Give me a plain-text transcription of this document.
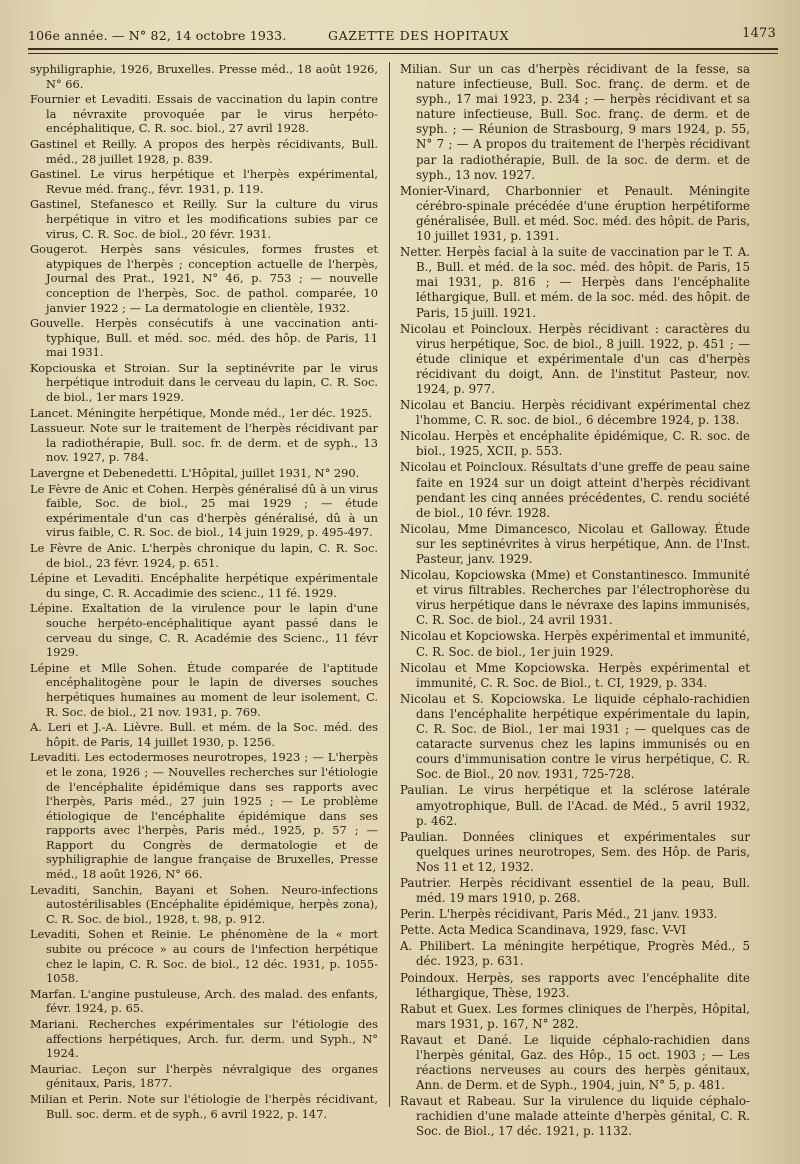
106e année. — N° 82, 14 octobre 1933.	GAZETTE DES HOPITAUX	1473

syphiligraphie, 1926, Bruxelles. Presse méd., 18 août 1926, N° 66.

Fournier et Levaditi. Essais de vaccination du lapin contre la névraxite provoquée par le virus herpéto-encéphalitique, C. R. soc. biol., 27 avril 1928.

Gastinel et Reilly. A propos des herpès récidivants, Bull. méd., 28 juillet 1928, p. 839.

Gastinel. Le virus herpétique et l'herpès expérimental, Revue méd. franç., févr. 1931, p. 119.

Gastinel, Stefanesco et Reilly. Sur la culture du virus herpétique in vitro et les modifications subies par ce virus, C. R. Soc. de biol., 20 févr. 1931.

Gougerot. Herpès sans vésicules, formes frustes et atypiques de l'herpès ; conception actuelle de l'herpès, Journal des Prat., 1921, N° 46, p. 753 ; — nouvelle conception de l'herpès, Soc. de pathol. comparée, 10 janvier 1922 ; — La dermatologie en clientèle, 1932.

Gouvelle. Herpès consécutifs à une vaccination anti-typhique, Bull. et méd. soc. méd. des hôp. de Paris, 11 mai 1931.

Kopciouska et Stroian. Sur la septinévrite par le virus herpétique introduit dans le cerveau du lapin, C. R. Soc. de biol., 1er mars 1929.

Lancet. Méningite herpétique, Monde méd., 1er déc. 1925.

Lassueur. Note sur le traitement de l'herpès récidivant par la radiothérapie, Bull. soc. fr. de derm. et de syph., 13 nov. 1927, p. 784.

Lavergne et Debenedetti. L'Hôpital, juillet 1931, N° 290.

Le Fèvre de Anic et Cohen. Herpès généralisé dû à un virus faible, Soc. de biol., 25 mai 1929 ; — étude expérimentale d'un cas d'herpès généralisé, dû à un virus faible, C. R. Soc. de biol., 14 juin 1929, p. 495-497.

Le Fèvre de Anic. L'herpès chronique du lapin, C. R. Soc. de biol., 23 févr. 1924, p. 651.

Lépine et Levaditi. Encéphalite herpétique expérimentale du singe, C. R. Accadimie des scienc., 11 fé. 1929.

Lépine. Exaltation de la virulence pour le lapin d'une souche herpéto-encéphalitique ayant passé dans le cerveau du singe, C. R. Académie des Scienc., 11 févr 1929.

Lépine et Mlle Sohen. Étude comparée de l'aptitude encéphalitogène pour le lapin de diverses souches herpétiques humaines au moment de leur isolement, C. R. Soc. de biol., 21 nov. 1931, p. 769.

A. Leri et J.-A. Lièvre. Bull. et mém. de la Soc. méd. des hôpit. de Paris, 14 juillet 1930, p. 1256.

Levaditi. Les ectodermoses neurotropes, 1923 ; — L'herpès et le zona, 1926 ; — Nouvelles recherches sur l'étiologie de l'encéphalite épidémique dans ses rapports avec l'herpès, Paris méd., 27 juin 1925 ; — Le problème étiologique de l'encéphalite épidémique dans ses rapports avec l'herpès, Paris méd., 1925, p. 57 ; — Rapport du Congrès de dermatologie et de syphiligraphie de langue française de Bruxelles, Presse méd., 18 août 1926, N° 66.

Levaditi, Sanchin, Bayani et Sohen. Neuro-infections autostérilisables (Encéphalite épidémique, herpès zona), C. R. Soc. de biol., 1928, t. 98, p. 912.

Levaditi, Sohen et Reinie. Le phénomène de la « mort subite ou précoce » au cours de l'infection herpétique chez le lapin, C. R. Soc. de biol., 12 déc. 1931, p. 1055-1058.

Marfan. L'angine pustuleuse, Arch. des malad. des enfants, févr. 1924, p. 65.

Mariani. Recherches expérimentales sur l'étiologie des affections herpétiques, Arch. fur. derm. und Syph., N° 1924.

Mauriac. Leçon sur l'herpès névralgique des organes génitaux, Paris, 1877.

Milian et Perin. Note sur l'étiologie de l'herpès récidivant, Bull. soc. derm. et de syph., 6 avril 1922, p. 147.

Milian. Sur un cas d'herpès récidivant de la fesse, sa nature infectieuse, Bull. Soc. franç. de derm. et de syph., 17 mai 1923, p. 234 ; — herpès récidivant et sa nature infectieuse, Bull. Soc. franç. de derm. et de syph. ; — Réunion de Strasbourg, 9 mars 1924, p. 55, N° 7 ; — A propos du traitement de l'herpès récidivant par la radiothérapie, Bull. de la soc. de derm. et de syph., 13 nov. 1927.

Monier-Vinard, Charbonnier et Penault. Méningite cérébro-spinale précédée d'une éruption herpétiforme généralisée, Bull. et méd. Soc. méd. des hôpit. de Paris, 10 juillet 1931, p. 1391.

Netter. Herpès facial à la suite de vaccination par le T. A. B., Bull. et méd. de la soc. méd. des hôpit. de Paris, 15 mai 1931, p. 816 ; — Herpès dans l'encéphalite léthargique, Bull. et mém. de la soc. méd. des hôpit. de Paris, 15 juill. 1921.

Nicolau et Poincloux. Herpès récidivant : caractères du virus herpétique, Soc. de biol., 8 juill. 1922, p. 451 ; — étude clinique et expérimentale d'un cas d'herpès récidivant du doigt, Ann. de l'institut Pasteur, nov. 1924, p. 977.

Nicolau et Banciu. Herpès récidivant expérimental chez l'homme, C. R. soc. de biol., 6 décembre 1924, p. 138.

Nicolau. Herpès et encéphalite épidémique, C. R. soc. de biol., 1925, XCII, p. 553.

Nicolau et Poincloux. Résultats d'une greffe de peau saine faite en 1924 sur un doigt atteint d'herpès récidivant pendant les cinq années précédentes, C. rendu société de biol., 10 févr. 1928.

Nicolau, Mme Dimancesco, Nicolau et Galloway. Étude sur les septinévrites à virus herpétique, Ann. de l'Inst. Pasteur, janv. 1929.

Nicolau, Kopciowska (Mme) et Constantinesco. Immunité et virus filtrables. Recherches par l'électrophorèse du virus herpétique dans le névraxe des lapins immunisés, C. R. Soc. de biol., 24 avril 1931.

Nicolau et Kopciowska. Herpès expérimental et immunité, C. R. Soc. de biol., 1er juin 1929.

Nicolau et Mme Kopciowska. Herpès expérimental et immunité, C. R. Soc. de Biol., t. CI, 1929, p. 334.

Nicolau et S. Kopciowska. Le liquide céphalo-rachidien dans l'encéphalite herpétique expérimentale du lapin, C. R. Soc. de Biol., 1er mai 1931 ; — quelques cas de cataracte survenus chez les lapins immunisés ou en cours d'immunisation contre le virus herpétique, C. R. Soc. de Biol., 20 nov. 1931, 725-728.

Paulian. Le virus herpétique et la sclérose latérale amyotrophique, Bull. de l'Acad. de Méd., 5 avril 1932, p. 462.

Paulian. Données cliniques et expérimentales sur quelques urines neurotropes, Sem. des Hôp. de Paris, Nos 11 et 12, 1932.

Pautrier. Herpès récidivant essentiel de la peau, Bull. méd. 19 mars 1910, p. 268.

Perin. L'herpès récidivant, Paris Méd., 21 janv. 1933.

Pette. Acta Medica Scandinava, 1929, fasc. V-VI

A. Philibert. La méningite herpétique, Progrès Méd., 5 déc. 1923, p. 631.

Poindoux. Herpès, ses rapports avec l'encéphalite dite léthargique, Thèse, 1923.

Rabut et Guex. Les formes cliniques de l'herpès, Hôpital, mars 1931, p. 167, N° 282.

Ravaut et Dané. Le liquide céphalo-rachidien dans l'herpès génital, Gaz. des Hôp., 15 oct. 1903 ; — Les réactions nerveuses au cours des herpès génitaux, Ann. de Derm. et de Syph., 1904, juin, N° 5, p. 481.

Ravaut et Rabeau. Sur la virulence du liquide céphalo-rachidien d'une malade atteinte d'herpès génital, C. R. Soc. de Biol., 17 déc. 1921, p. 1132.
